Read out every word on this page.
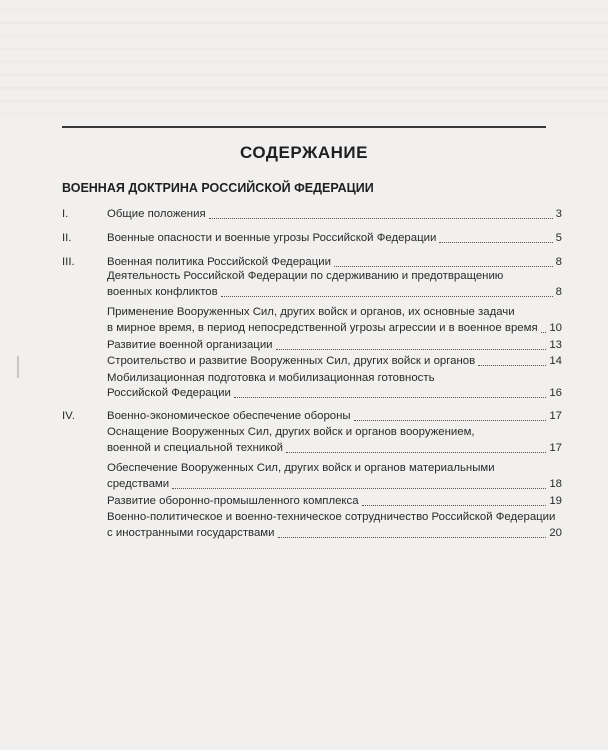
СОДЕРЖАНИЕ
ВОЕННАЯ ДОКТРИНА РОССИЙСКОЙ ФЕДЕРАЦИИ
I.	Общие положения	3
II.	Военные опасности и военные угрозы Российской Федерации	5
III.	Военная политика Российской Федерации	8
Деятельность Российской Федерации по сдерживанию и предотвращению
военных конфликтов	8
Применение Вооруженных Сил, других войск и органов, их основные задачи
в мирное время, в период непосредственной угрозы агрессии и в военное время 10
Развитие военной организации	13
Строительство и развитие Вооруженных Сил, других войск и органов	14
Мобилизационная подготовка и мобилизационная готовность
Российской Федерации	16
IV.	Военно-экономическое обеспечение обороны	17
Оснащение Вооруженных Сил, других войск и органов вооружением,
военной и специальной техникой	17
Обеспечение Вооруженных Сил, других войск и органов материальными
средствами	18
Развитие оборонно-промышленного комплекса	19
Военно-политическое и военно-техническое сотрудничество Российской Федерации
с иностранными государствами	20
